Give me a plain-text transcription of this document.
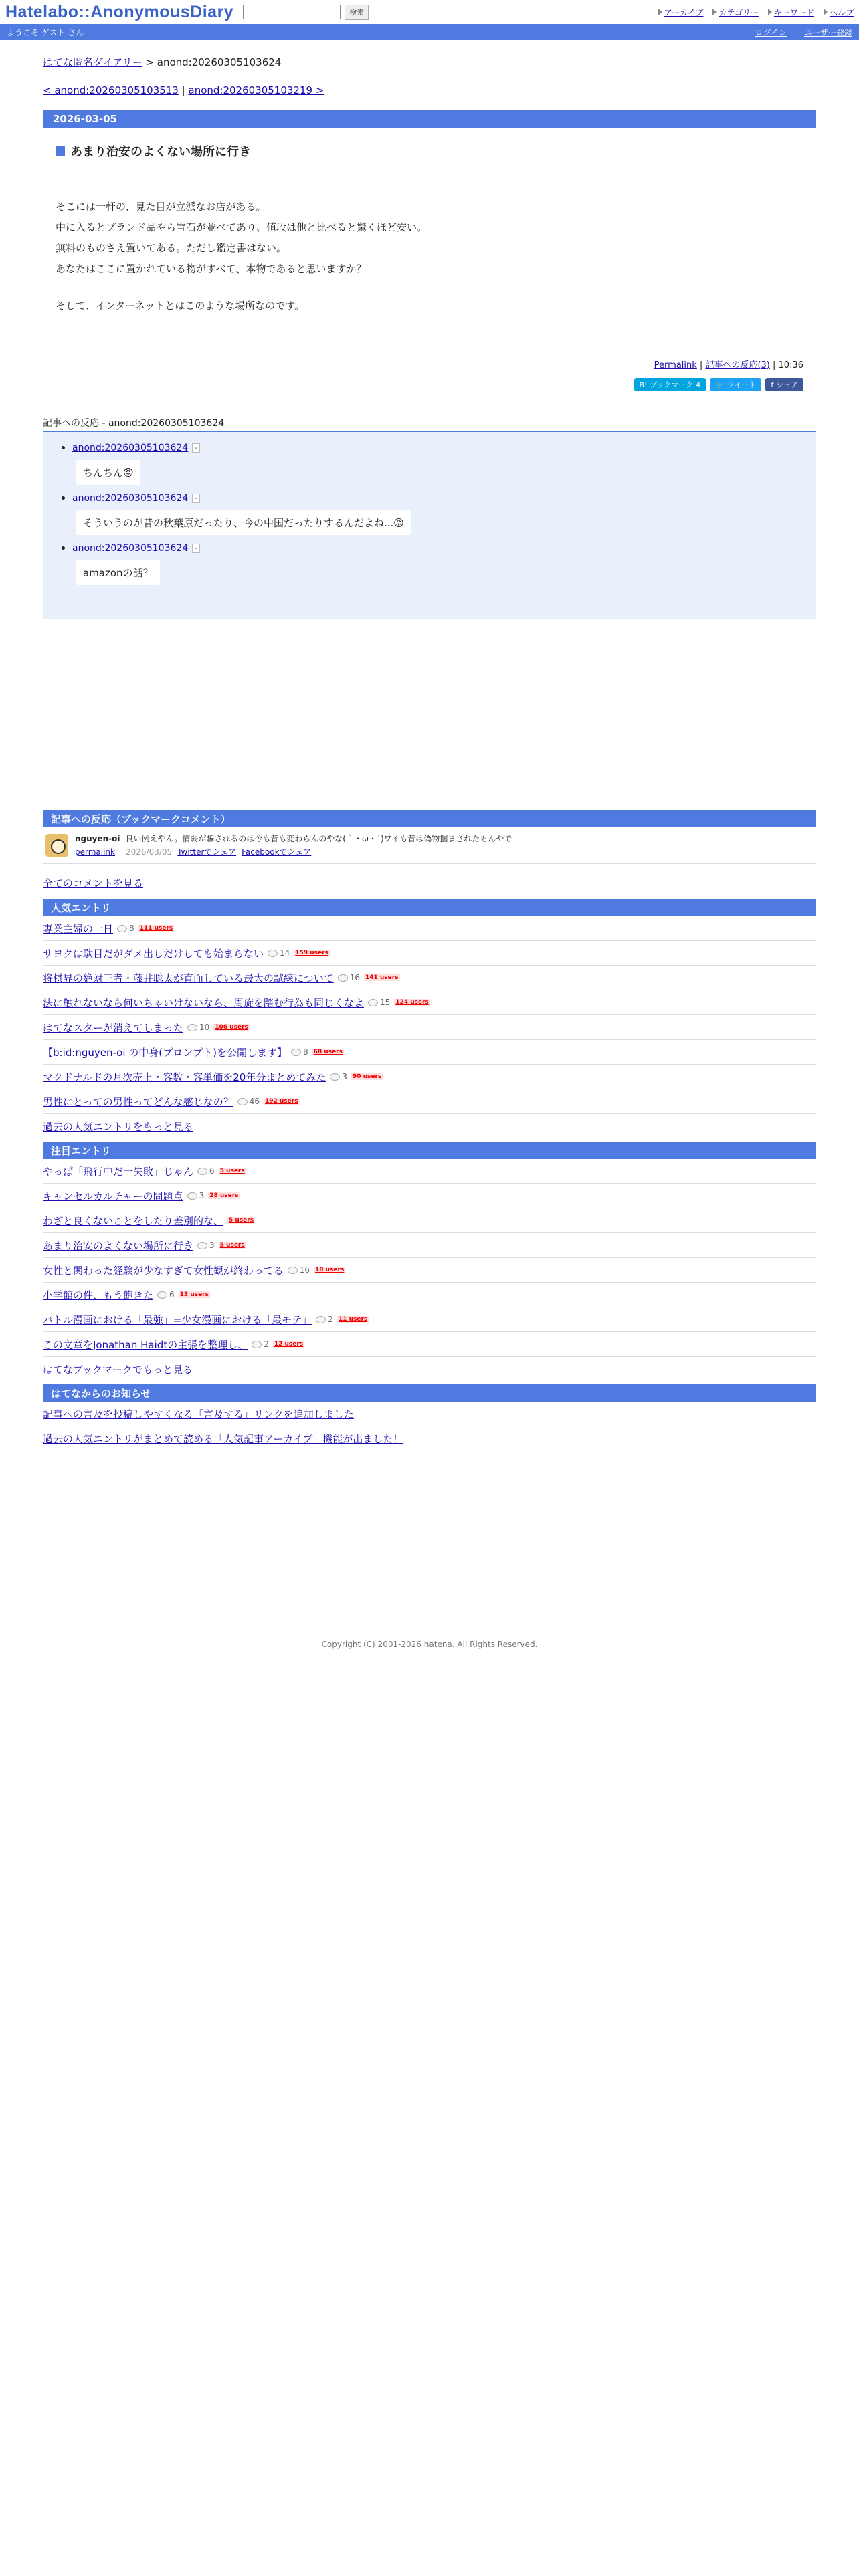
Hatelabo::AnonymousDiary	検索	アーカイブ カテゴリー キーワード ヘルプ
ようこそ ゲスト さん	ログイン ユーザー登録
はてな匿名ダイアリー > anond:20260305103624
< anond:20260305103513 | anond:20260305103219 >
2026-03-05
あまり治安のよくない場所に行き

そこには一軒の、見た目が立派なお店がある。

中に入るとブランド品やら宝石が並べてあり、値段は他と比べると驚くほど安い。

無料のものさえ置いてある。ただし鑑定書はない。

あなたはここに置かれている物がすべて、本物であると思いますか？

そして、インターネットとはこのような場所なのです。

Permalink | 記事への反応(3) | 10:36
B! ブックマーク 4 🐦 ツイート f シェア
記事への反応 - anond:20260305103624
• anond:20260305103624 -
ちんちん😡
• anond:20260305103624 -
そういうのが昔の秋葉原だったり、今の中国だったりするんだよね...😡
• anond:20260305103624 -
amazonの話？
記事への反応（ブックマークコメント）
nguyen-oi 良い例えやん。情弱が騙されるのは今も昔も変わらんのやな(｀・ω・´)ワイも昔は偽物掴まされたもんやで
permalink 2026/03/05 Twitterでシェア Facebookでシェア
全てのコメントを見る
人気エントリ
専業主婦の一日 8 111 users
サヨクは駄目だがダメ出しだけしても始まらない 14 159 users
将棋界の絶対王者・藤井聡太が直面している最大の試練について 16 141 users
法に触れないなら何いちゃいけないなら、周旋を踏む行為も同じくなよ 15 124 users
はてなスターが消えてしまった 10 106 users
【b:id:nguyen-oi の中身(プロンプト)を公開します】 8 68 users
マクドナルドの月次売上・客数・客単価を20年分まとめてみた 3 90 users
男性にとっての男性ってどんな感じなの？ 46 192 users
過去の人気エントリをもっと見る
注目エントリ
やっぱ「飛行中だ一失敗」じゃん 6 5 users
キャンセルカルチャーの問題点 3 28 users
わざと良くないことをしたり差別的な、 5 users
あまり治安のよくない場所に行き 3 5 users
女性と関わった経験が少なすぎて女性観が終わってる 16 18 users
小学館の件、もう飽きた 6 13 users
バトル漫画における「最強」=少女漫画における「最モテ」 2 11 users
この文章をJonathan Haidtの主張を整理し、 2 12 users
はてなブックマークでもっと見る
はてなからのお知らせ
記事への言及を投稿しやすくなる「言及する」リンクを追加しました
過去の人気エントリがまとめて読める「人気記事アーカイブ」機能が出ました！
Copyright (C) 2001-2026 hatena. All Rights Reserved.
